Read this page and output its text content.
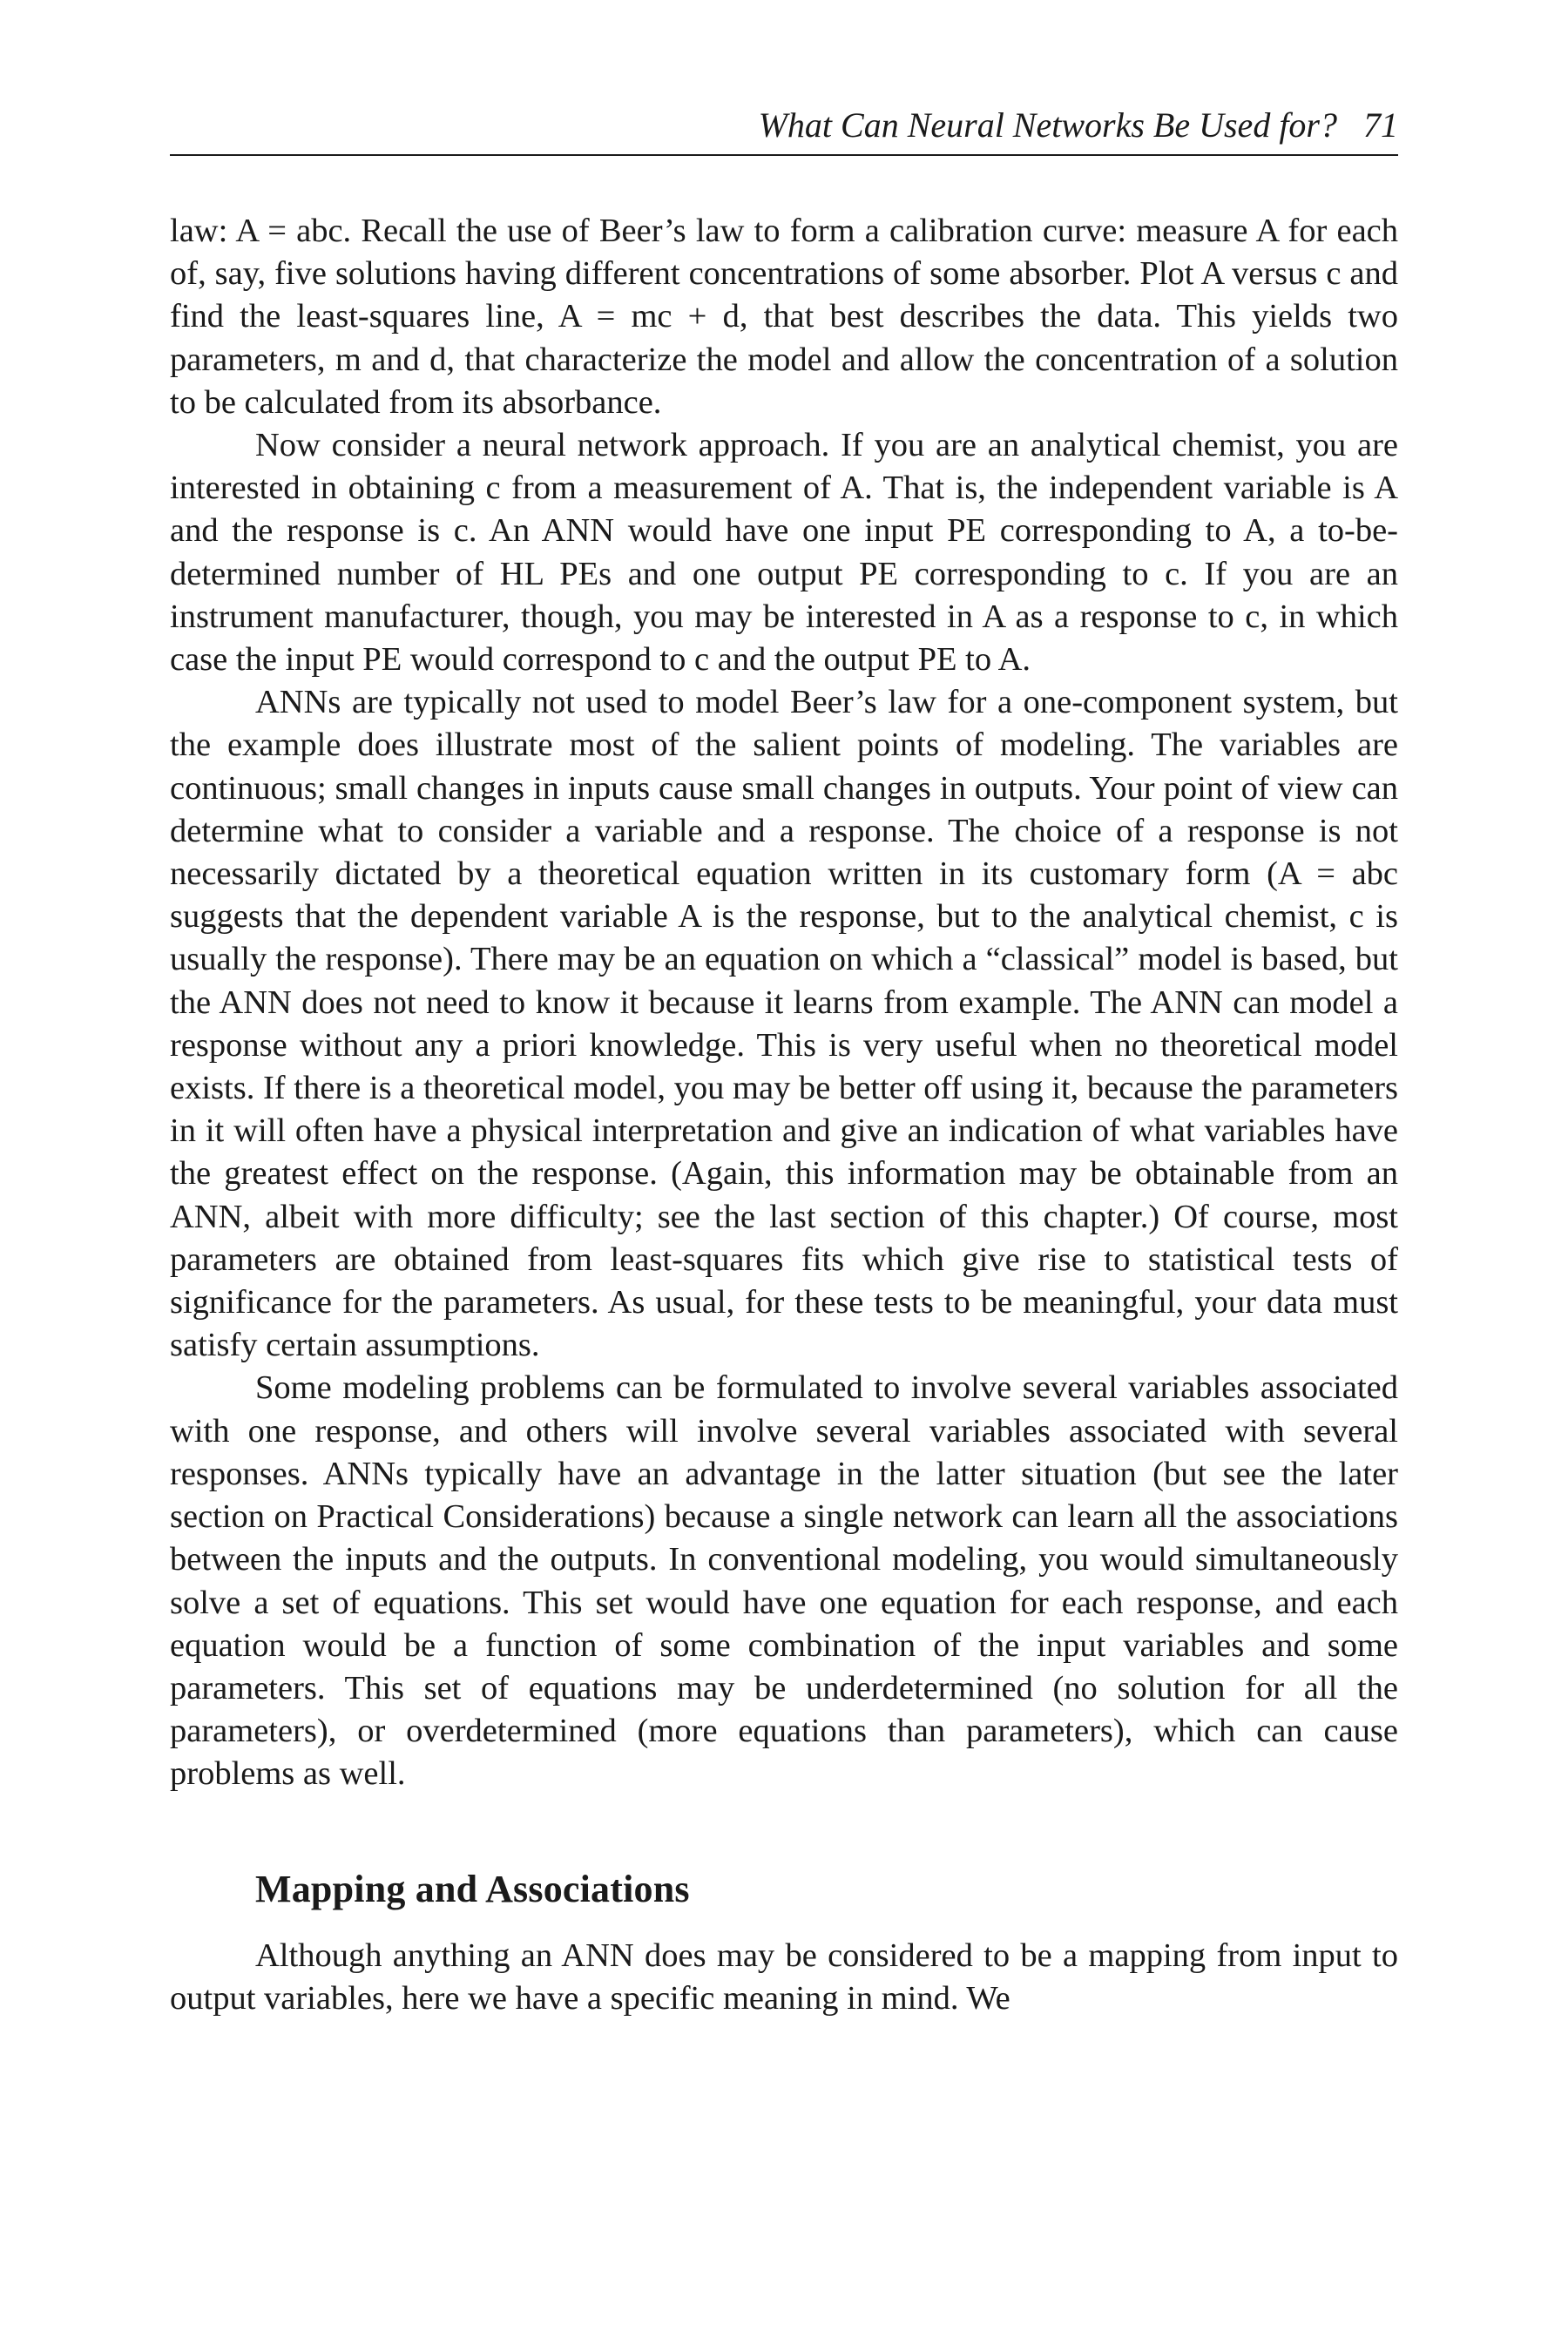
What Can Neural Networks Be Used for? 71

law: A = abc. Recall the use of Beer’s law to form a calibration curve: measure A for each of, say, five solutions having different concentrations of some absorber. Plot A versus c and find the least-squares line, A = mc + d, that best describes the data. This yields two parameters, m and d, that characterize the model and allow the concentration of a solution to be calculated from its absorbance.

Now consider a neural network approach. If you are an analytical chemist, you are interested in obtaining c from a measurement of A. That is, the independent variable is A and the response is c. An ANN would have one input PE corresponding to A, a to-be-determined number of HL PEs and one output PE corresponding to c. If you are an instrument manufacturer, though, you may be interested in A as a response to c, in which case the input PE would correspond to c and the output PE to A.

ANNs are typically not used to model Beer’s law for a one-component system, but the example does illustrate most of the salient points of modeling. The variables are continuous; small changes in inputs cause small changes in outputs. Your point of view can determine what to consider a variable and a response. The choice of a response is not necessarily dictated by a theoretical equation written in its customary form (A = abc suggests that the dependent variable A is the response, but to the analytical chemist, c is usually the response). There may be an equation on which a “classical” model is based, but the ANN does not need to know it because it learns from example. The ANN can model a response without any a priori knowledge. This is very useful when no theoretical model exists. If there is a theoretical model, you may be better off using it, because the parameters in it will often have a physical interpretation and give an indication of what variables have the greatest effect on the response. (Again, this information may be obtainable from an ANN, albeit with more difficulty; see the last section of this chapter.) Of course, most parameters are obtained from least-squares fits which give rise to statistical tests of significance for the parameters. As usual, for these tests to be meaningful, your data must satisfy certain assumptions.

Some modeling problems can be formulated to involve several variables associated with one response, and others will involve several variables associated with several responses. ANNs typically have an advantage in the latter situation (but see the later section on Practical Considerations) because a single network can learn all the associations between the inputs and the outputs. In conventional modeling, you would simultaneously solve a set of equations. This set would have one equation for each response, and each equation would be a function of some combination of the input variables and some parameters. This set of equations may be underdetermined (no solution for all the parameters), or overdetermined (more equations than parameters), which can cause problems as well.

Mapping and Associations

Although anything an ANN does may be considered to be a mapping from input to output variables, here we have a specific meaning in mind. We
